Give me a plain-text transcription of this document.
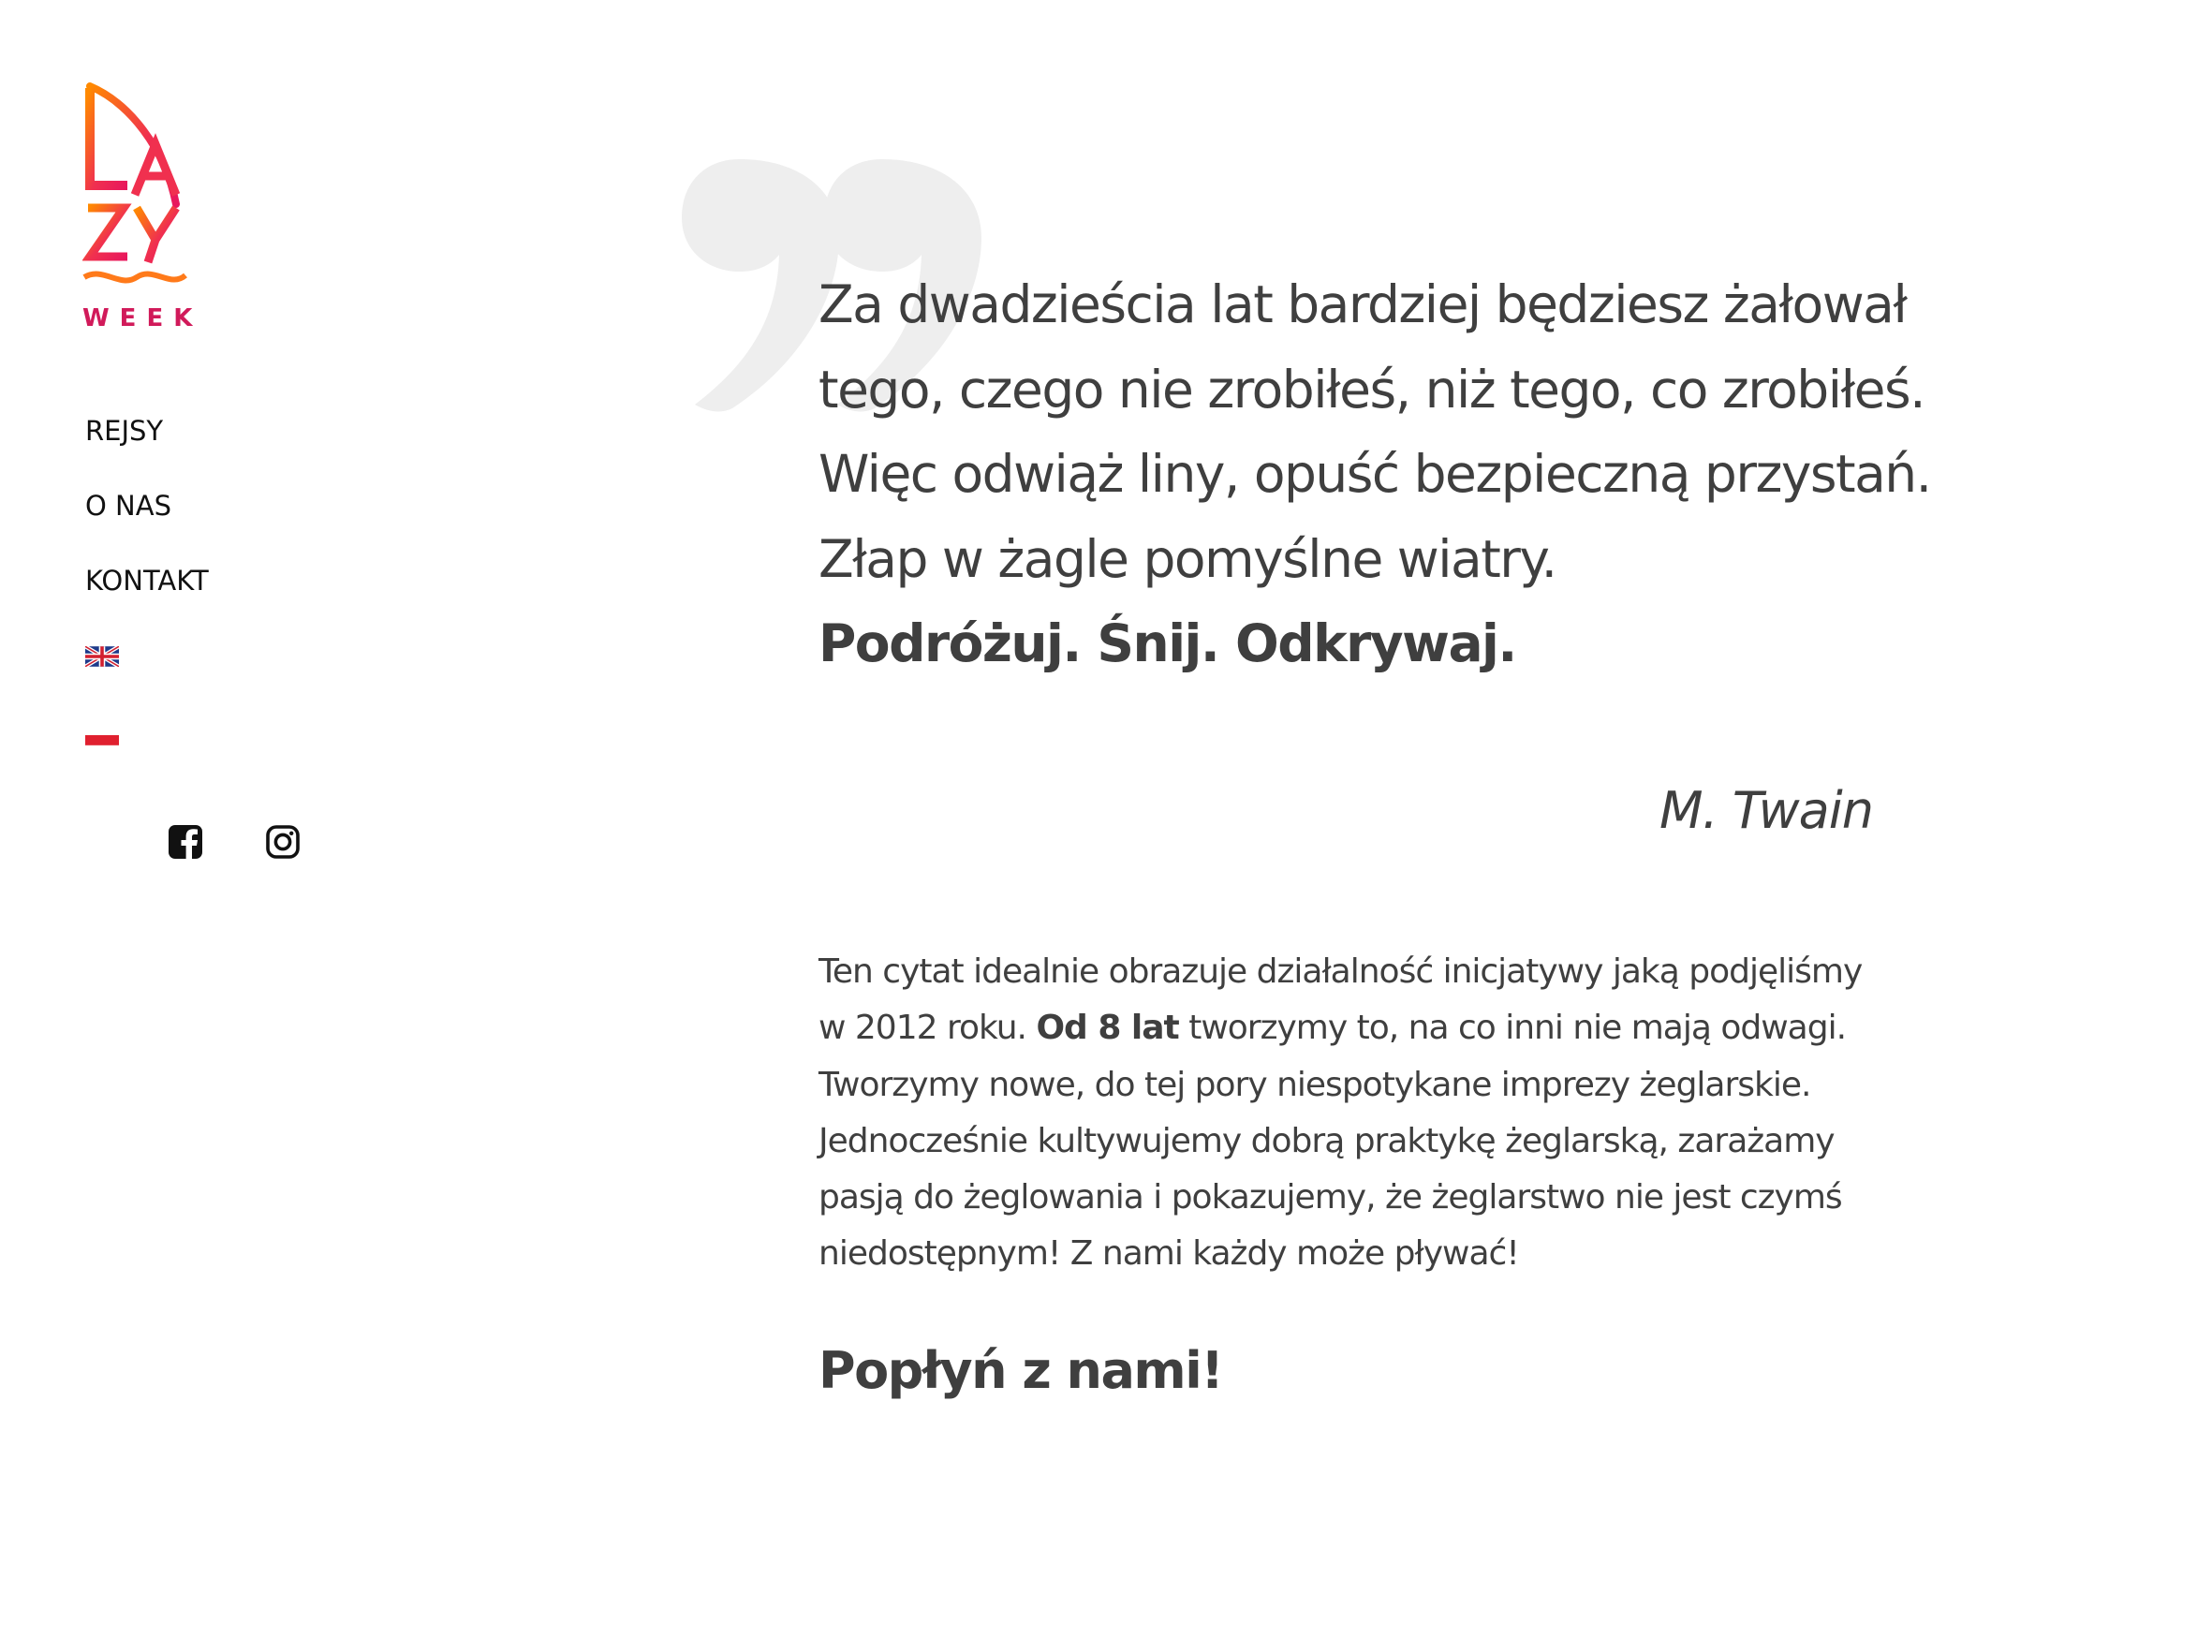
WEEK
REJSY
O NAS
KONTAKT
Za dwadzieścia lat bardziej będziesz żałował
tego, czego nie zrobiłeś, niż tego, co zrobiłeś.
Więc odwiąż liny, opuść bezpieczną przystań.
Złap w żagle pomyślne wiatry.
Podróżuj. Śnij. Odkrywaj.
M. Twain
Ten cytat idealnie obrazuje działalność inicjatywy jaką podjęliśmy
w 2012 roku. Od 8 lat tworzymy to, na co inni nie mają odwagi.
Tworzymy nowe, do tej pory niespotykane imprezy żeglarskie.
Jednocześnie kultywujemy dobrą praktykę żeglarską, zarażamy
pasją do żeglowania i pokazujemy, że żeglarstwo nie jest czymś
niedostępnym! Z nami każdy może pływać!
Popłyń z nami!
